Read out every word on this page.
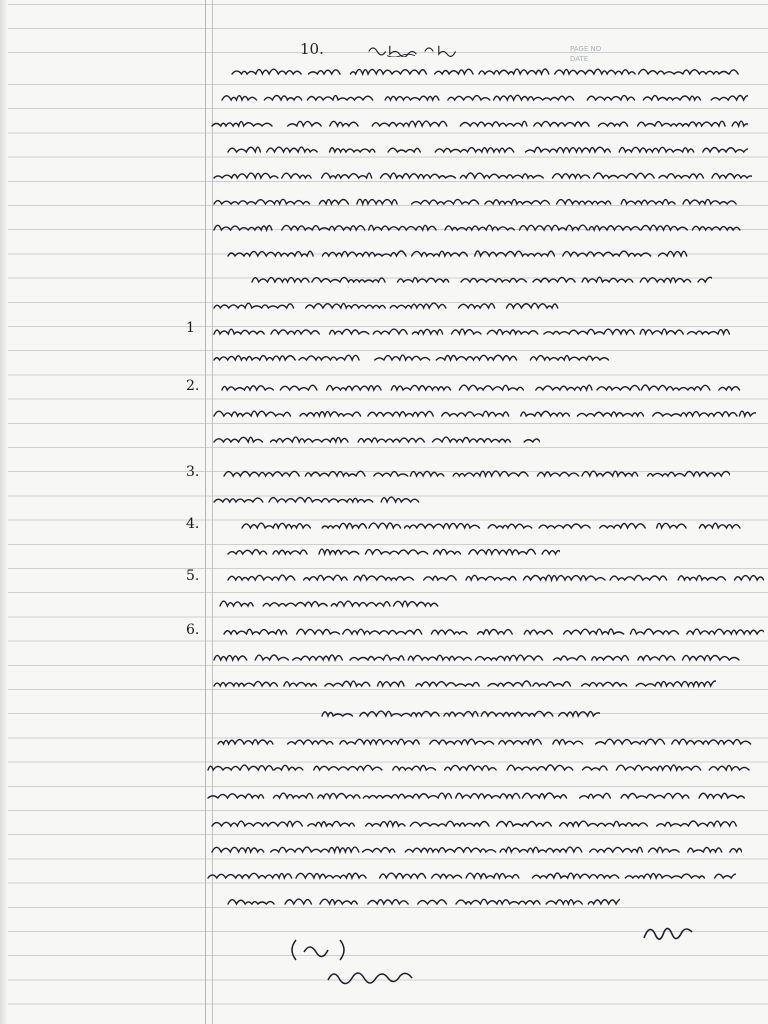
PAGE NO
DATE
10.
1
2.
3.
4.
5.
6.
